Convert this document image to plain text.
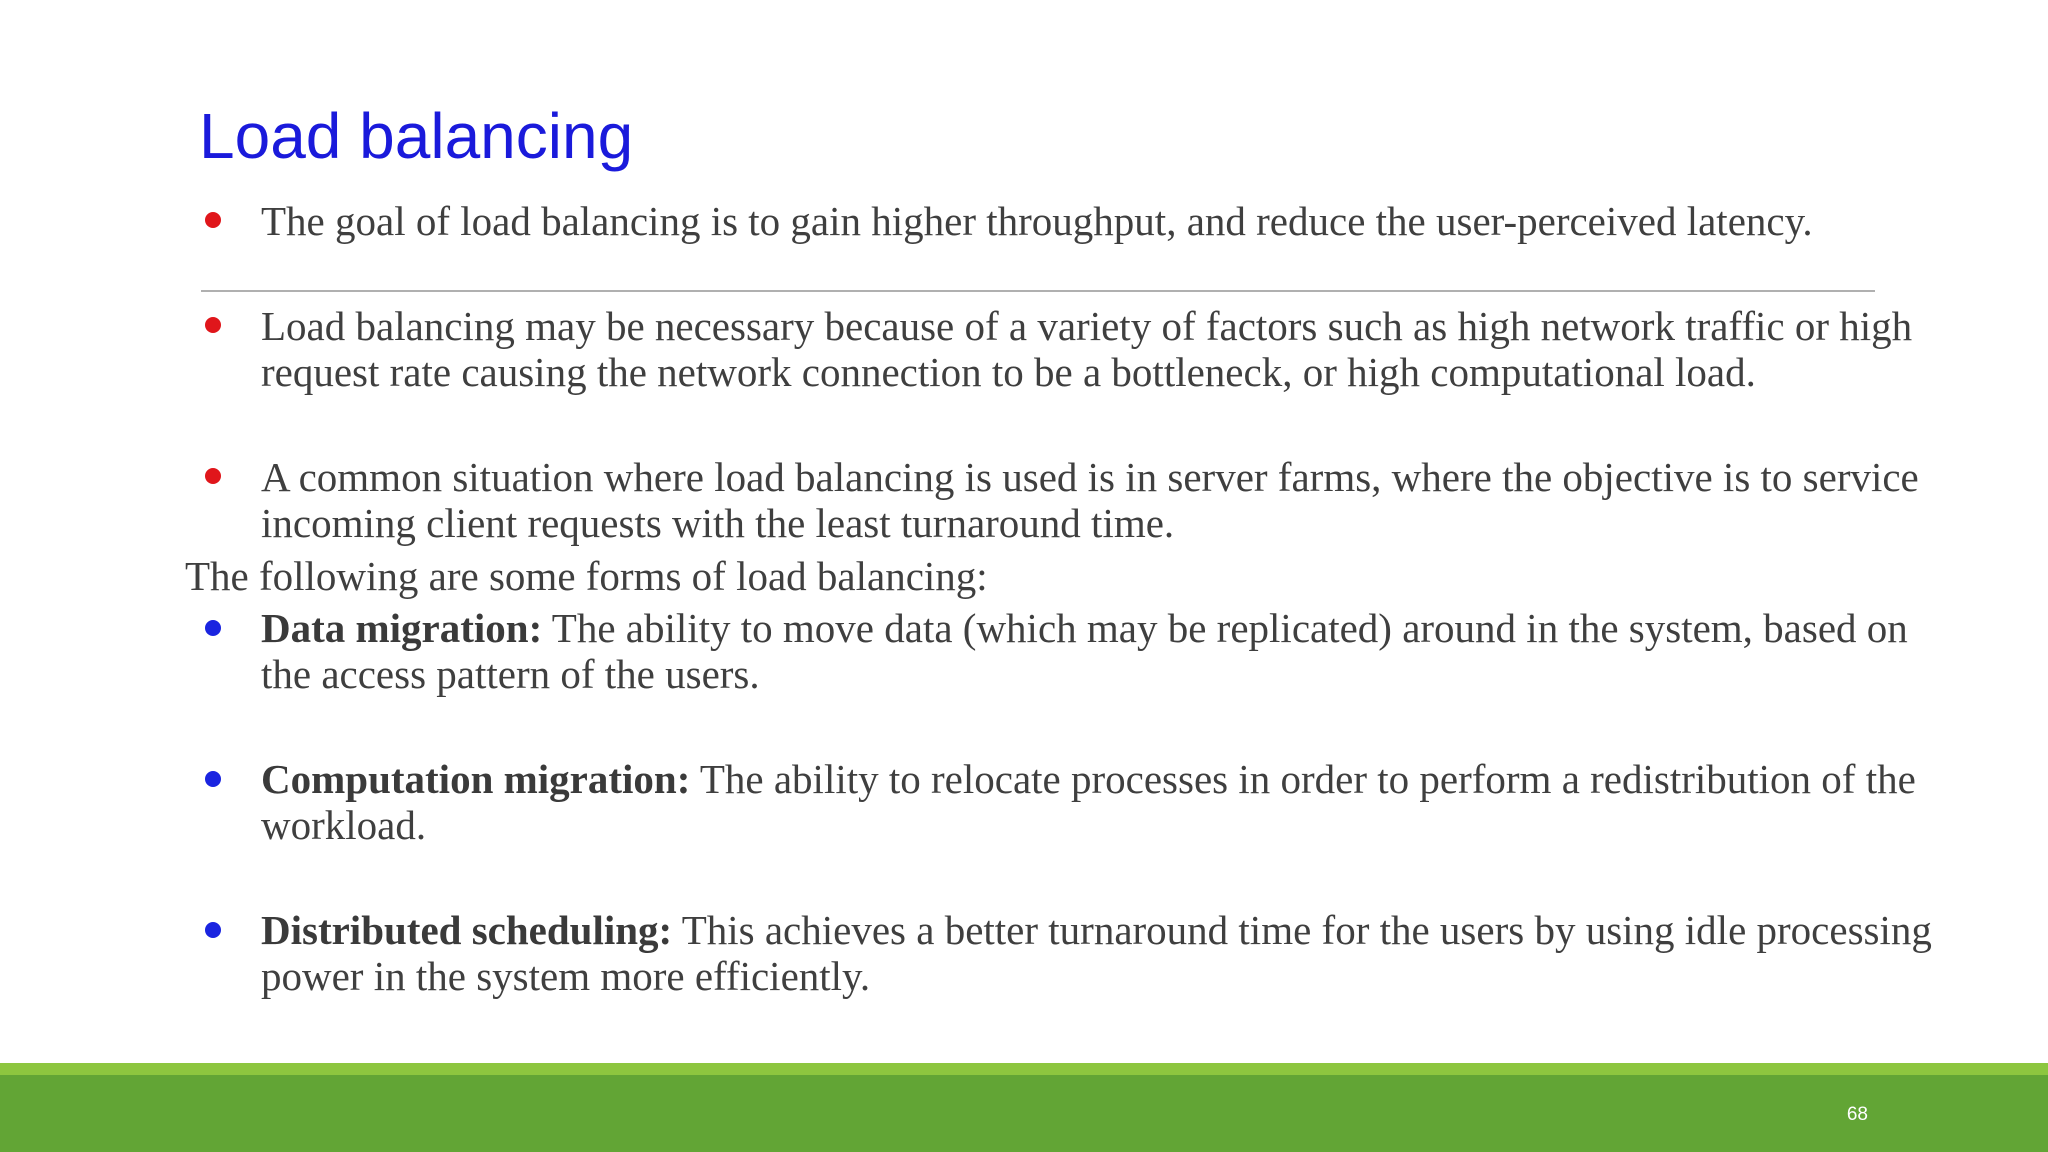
Load balancing
The goal of load balancing is to gain higher throughput, and reduce the user-perceived latency.
Load balancing may be necessary because of a variety of factors such as high network traffic or high request rate causing the network connection to be a bottleneck, or high computational load.
A common situation where load balancing is used is in server farms, where the objective is to service incoming client requests with the least turnaround time.
The following are some forms of load balancing:
Data migration: The ability to move data (which may be replicated) around in the system, based on the access pattern of the users.
Computation migration: The ability to relocate processes in order to perform a redistribution of the workload.
Distributed scheduling: This achieves a better turnaround time for the users by using idle processing power in the system more efficiently.
68
